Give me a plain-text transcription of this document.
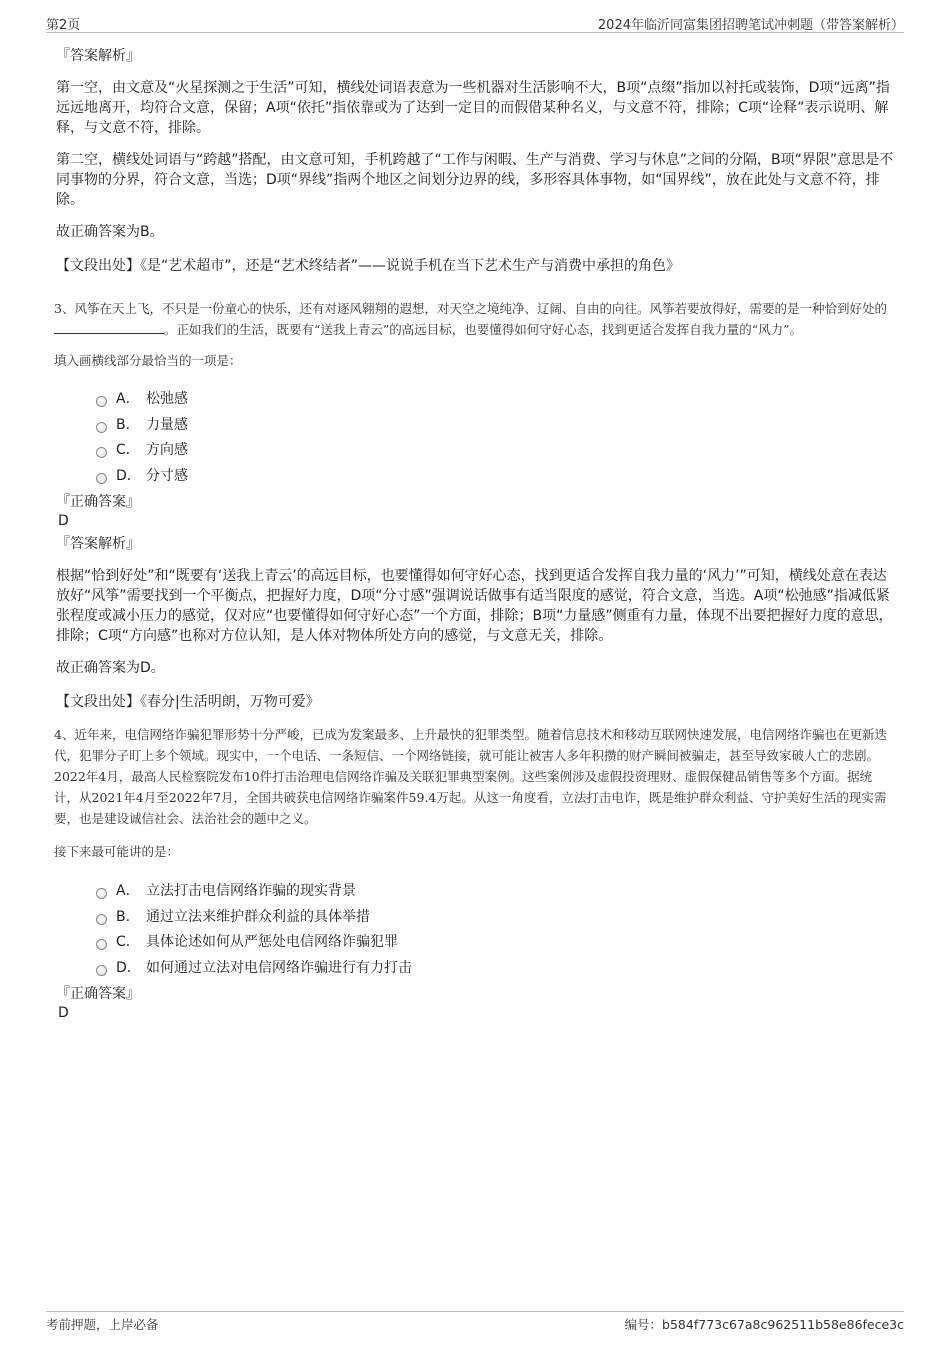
第2页	2024年临沂同富集团招聘笔试冲刺题（带答案解析）

『答案解析』

第一空，由文意及“火星探测之于生活”可知，横线处词语表意为一些机器对生活影响不大，B项“点缀”指加以衬托或装饰，D项“远离”指远远地离开，均符合文意，保留；A项“依托”指依靠或为了达到一定目的而假借某种名义，与文意不符，排除；C项“诠释”表示说明、解释，与文意不符，排除。

第二空，横线处词语与“跨越”搭配，由文意可知，手机跨越了“工作与闲暇、生产与消费、学习与休息”之间的分隔，B项“界限”意思是不同事物的分界，符合文意，当选；D项“界线”指两个地区之间划分边界的线，多形容具体事物，如“国界线”，放在此处与文意不符，排除。

故正确答案为B。

【文段出处】《是“艺术超市”，还是“艺术终结者”——说说手机在当下艺术生产与消费中承担的角色》

3、风筝在天上飞，不只是一份童心的快乐，还有对逐风翱翔的遐想，对天空之境纯净、辽阔、自由的向往。风筝若要放得好，需要的是一种恰到好处的。正如我们的生活，既要有“送我上青云”的高远目标，也要懂得如何守好心态，找到更适合发挥自我力量的“风力”。

填入画横线部分最恰当的一项是：

A． 松弛感
B． 力量感
C． 方向感
D． 分寸感

『正确答案』

D

『答案解析』

根据“恰到好处”和“既要有‘送我上青云’的高远目标，也要懂得如何守好心态，找到更适合发挥自我力量的‘风力’”可知，横线处意在表达放好“风筝”需要找到一个平衡点，把握好力度，D项“分寸感”强调说话做事有适当限度的感觉，符合文意，当选。A项“松弛感”指减低紧张程度或减小压力的感觉，仅对应“也要懂得如何守好心态”一个方面，排除；B项“力量感”侧重有力量，体现不出要把握好力度的意思，排除；C项“方向感”也称对方位认知，是人体对物体所处方向的感觉，与文意无关，排除。

故正确答案为D。

【文段出处】《春分|生活明朗，万物可爱》

4、近年来，电信网络诈骗犯罪形势十分严峻，已成为发案最多、上升最快的犯罪类型。随着信息技术和移动互联网快速发展，电信网络诈骗也在更新迭代，犯罪分子盯上多个领域。现实中，一个电话、一条短信、一个网络链接，就可能让被害人多年积攒的财产瞬间被骗走，甚至导致家破人亡的悲剧。2022年4月，最高人民检察院发布10件打击治理电信网络诈骗及关联犯罪典型案例。这些案例涉及虚假投资理财、虚假保健品销售等多个方面。据统计，从2021年4月至2022年7月，全国共破获电信网络诈骗案件59.4万起。从这一角度看，立法打击电诈，既是维护群众利益、守护美好生活的现实需要，也是建设诚信社会、法治社会的题中之义。

接下来最可能讲的是：

A． 立法打击电信网络诈骗的现实背景
B． 通过立法来维护群众利益的具体举措
C． 具体论述如何从严惩处电信网络诈骗犯罪
D． 如何通过立法对电信网络诈骗进行有力打击

『正确答案』

D

考前押题，上岸必备	编号：b584f773c67a8c962511b58e86fece3c
